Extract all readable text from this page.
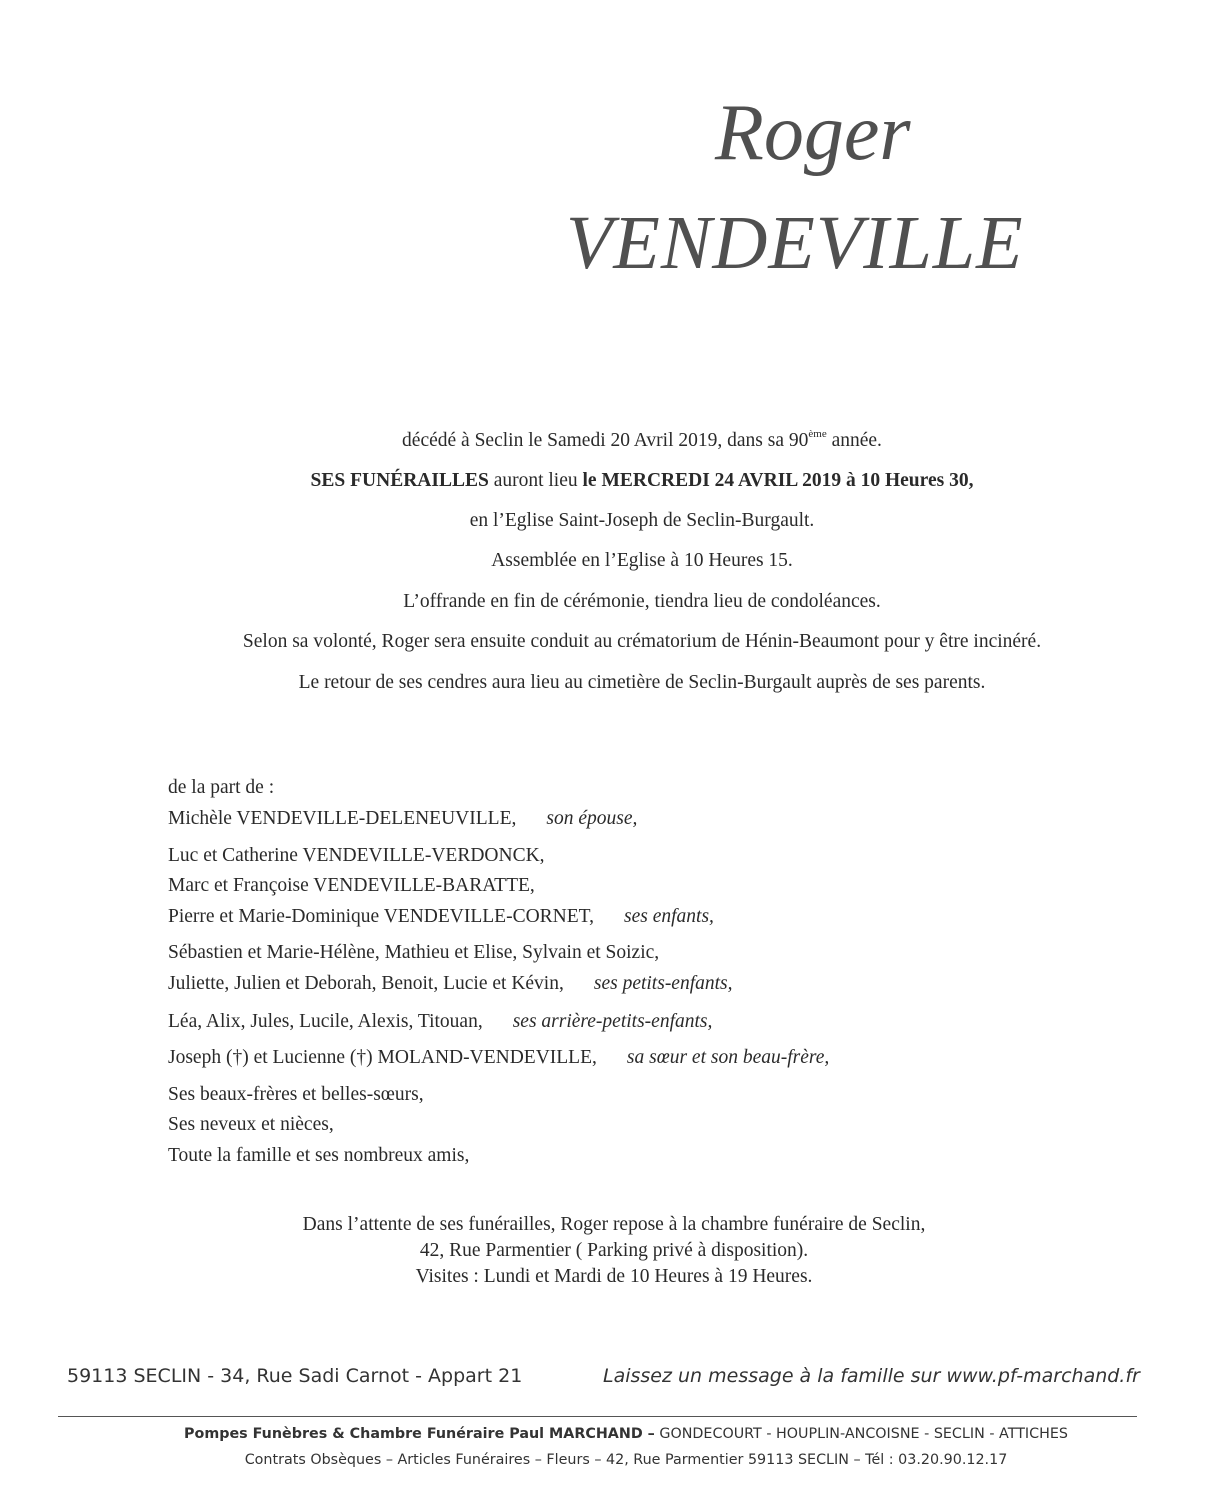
Roger
VENDEVILLE
décédé à Seclin le Samedi 20 Avril 2019, dans sa 90ème année.
SES FUNÉRAILLES auront lieu le MERCREDI 24 AVRIL 2019 à 10 Heures 30,
en l’Eglise Saint-Joseph de Seclin-Burgault.
Assemblée en l’Eglise à 10 Heures 15.
L’offrande en fin de cérémonie, tiendra lieu de condoléances.
Selon sa volonté, Roger sera ensuite conduit au crématorium de Hénin-Beaumont pour y être incinéré.
Le retour de ses cendres aura lieu au cimetière de Seclin-Burgault auprès de ses parents.
de la part de :
Michèle VENDEVILLE-DELENEUVILLE, son épouse,
Luc et Catherine VENDEVILLE-VERDONCK,
Marc et Françoise VENDEVILLE-BARATTE,
Pierre et Marie-Dominique VENDEVILLE-CORNET, ses enfants,
Sébastien et Marie-Hélène, Mathieu et Elise, Sylvain et Soizic,
Juliette, Julien et Deborah, Benoit, Lucie et Kévin, ses petits-enfants,
Léa, Alix, Jules, Lucile, Alexis, Titouan, ses arrière-petits-enfants,
Joseph (†) et Lucienne (†) MOLAND-VENDEVILLE, sa sœur et son beau-frère,
Ses beaux-frères et belles-sœurs,
Ses neveux et nièces,
Toute la famille et ses nombreux amis,
Dans l’attente de ses funérailles, Roger repose à la chambre funéraire de Seclin,
42, Rue Parmentier ( Parking privé à disposition).
Visites : Lundi et Mardi de 10 Heures à 19 Heures.
59113 SECLIN - 34, Rue Sadi Carnot - Appart 21	Laissez un message à la famille sur www.pf-marchand.fr
Pompes Funèbres & Chambre Funéraire Paul MARCHAND – GONDECOURT - HOUPLIN-ANCOISNE - SECLIN - ATTICHES
Contrats Obsèques – Articles Funéraires – Fleurs – 42, Rue Parmentier 59113 SECLIN – Tél : 03.20.90.12.17
